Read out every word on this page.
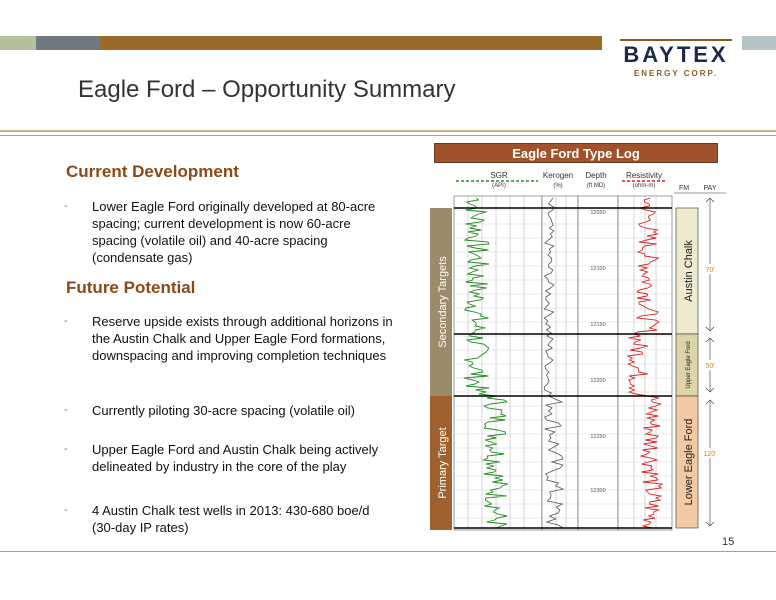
BAYTEX
ENERGY CORP.
Eagle Ford – Opportunity Summary
Current Development
- Lower Eagle Ford originally developed at 80-acre spacing; current development is now 60-acre spacing (volatile oil) and 40-acre spacing (condensate gas)
Future Potential
- Reserve upside exists through additional horizons in the Austin Chalk and Upper Eagle Ford formations, downspacing and improving completion techniques
- Currently piloting 30-acre spacing (volatile oil)
- Upper Eagle Ford and Austin Chalk being actively delineated by industry in the core of the play
- 4 Austin Chalk test wells in 2013: 430-680 boe/d (30-day IP rates)
Eagle Ford Type Log
SGR
(API)
Kerogen
(%)
Depth
(ft MD)
Resistivity
(ohm-m)	FM PAY
Secondary Targets
Primary Target
12050
12100
12150
12200
12250
12300
Austin Chalk
Upper Eagle Ford
Lower Eagle Ford
70'
50'
120'
15
